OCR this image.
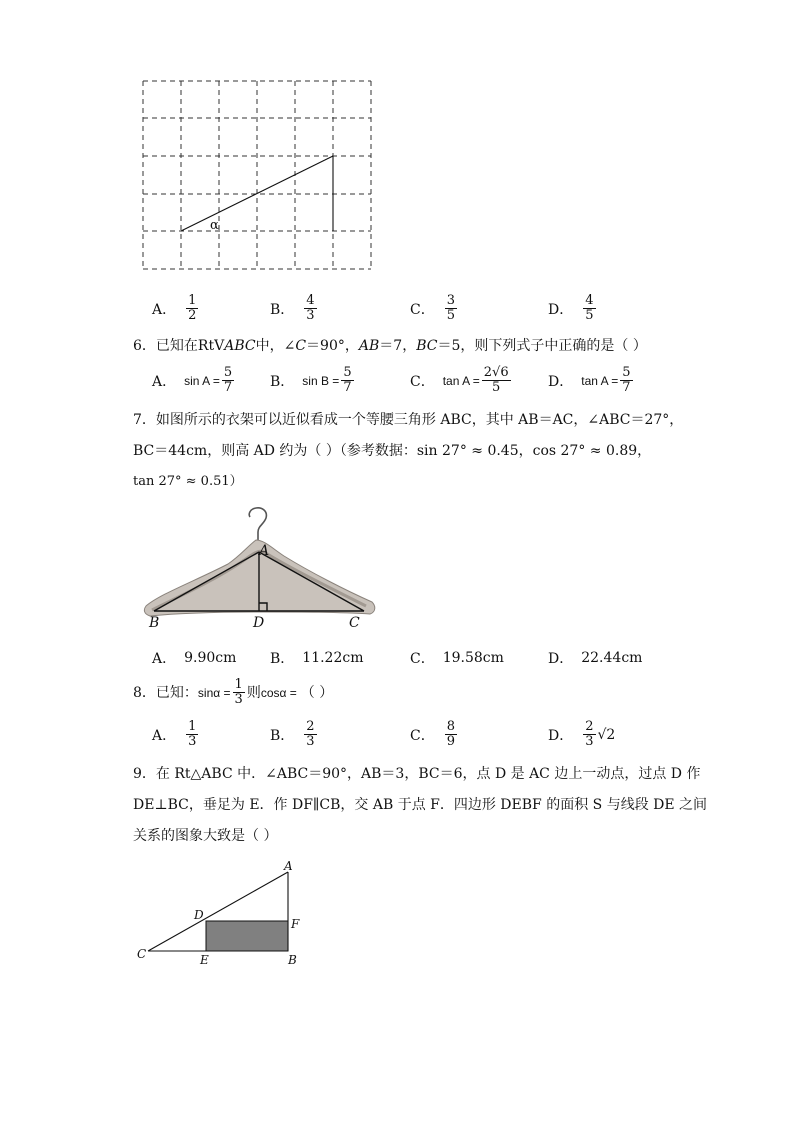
α
A． $\frac{1}{2}$	B． $\frac{4}{3}$	C． $\frac{3}{5}$	D． $\frac{4}{5}$
6．已知在RtVABC中，∠C＝90°，AB＝7，BC＝5，则下列式子中正确的是（ ）
A． $\sin A = \frac{5}{7}$	B． $\sin B = \frac{5}{7}$	C． $\tan A = \frac{2√6}{5}$	D． $\tan A = \frac{5}{7}$
7．如图所示的衣架可以近似看成一个等腰三角形 ABC，其中 AB＝AC，∠ABC＝27°，
BC＝44cm，则高 AD 约为（ ）（参考数据：sin 27° ≈ 0.45，cos 27° ≈ 0.89，
tan 27° ≈ 0.51）
A
B	D	C
A． 9.90cm B． 11.22cm	C． 19.58cm	D． 22.44cm
8．已知： $\sin\alpha = \frac{1}{3}$ 则 cosα = （ ）
A． $\frac{1}{3}$	B． $\frac{2}{3}$	C． $\frac{8}{9}$	D． $\frac{2}{3} √2$
9．在 Rt△ABC 中．∠ABC＝90°，AB＝3，BC＝6，点 D 是 AC 边上一动点，过点 D 作
DE⊥BC，垂足为 E．作 DF∥CB，交 AB 于点 F．四边形 DEBF 的面积 S 与线段 DE 之间
关系的图象大致是（ ）
A
C
D
F
E	B
